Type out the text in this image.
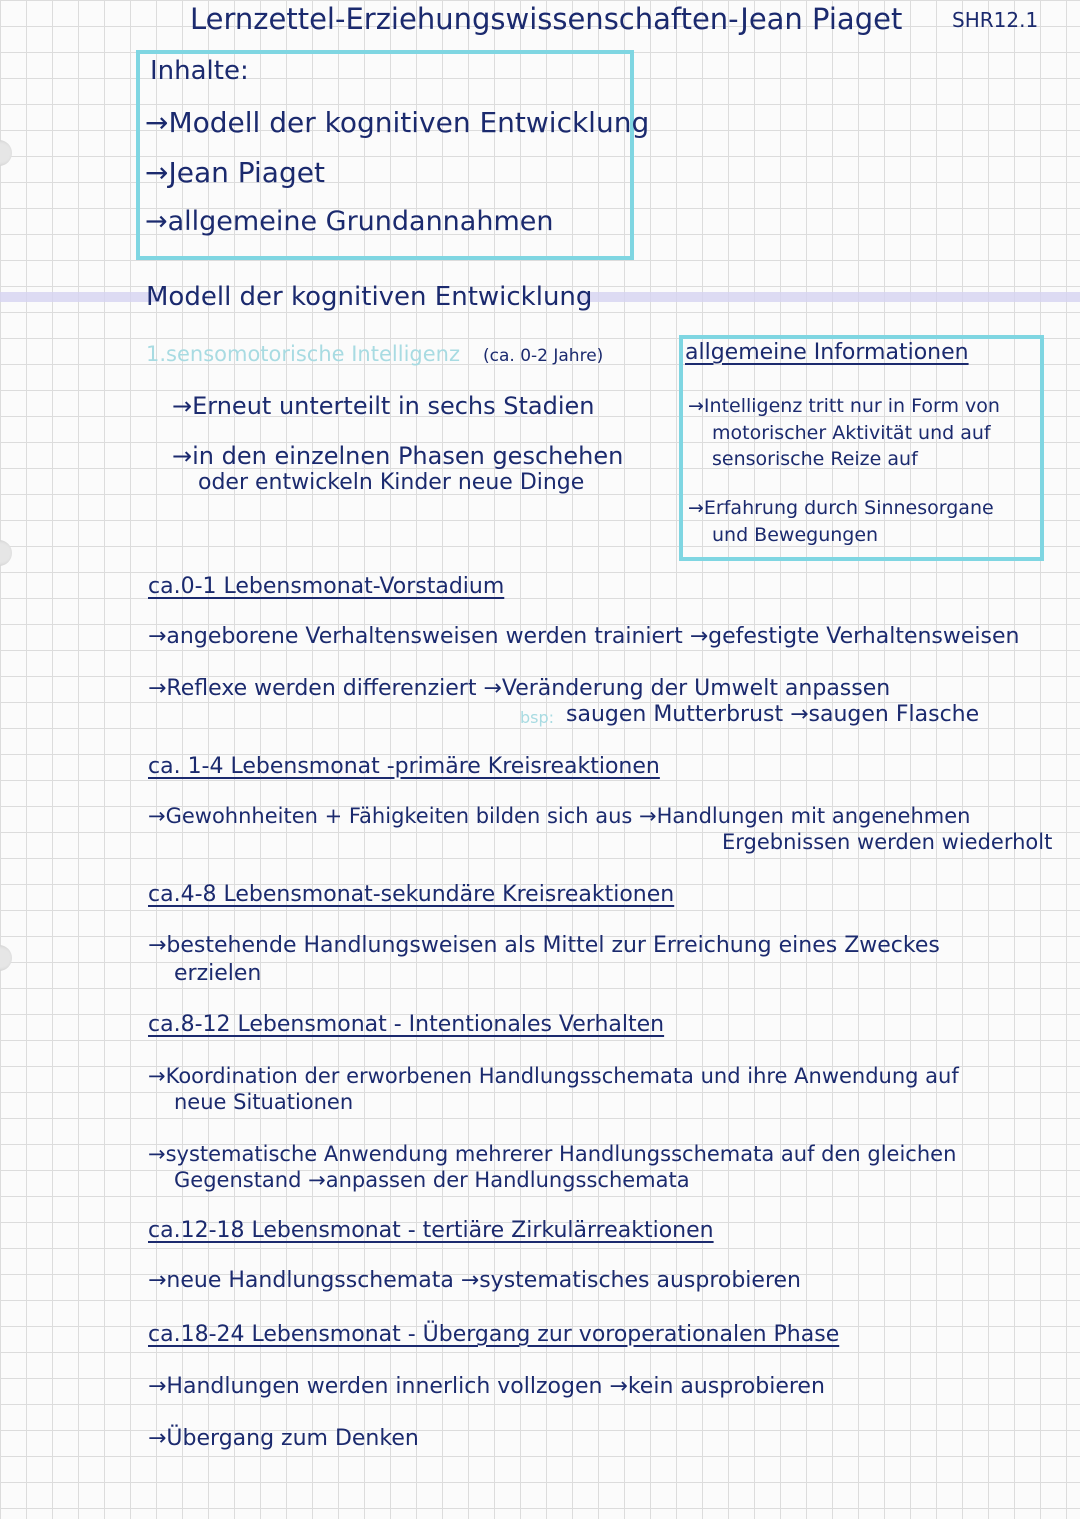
Lernzettel-Erziehungswissenschaften-Jean Piaget SHR12.1
Inhalte:
→Modell der kognitiven Entwicklung
→Jean Piaget
→allgemeine Grundannahmen
Modell der kognitiven Entwicklung
1.sensomotorische Intelligenz (ca. 0-2 Jahre)
→Erneut unterteilt in sechs Stadien
→in den einzelnen Phasen geschehen
oder entwickeln Kinder neue Dinge
allgemeine Informationen
→Intelligenz tritt nur in Form von
motorischer Aktivität und auf
sensorische Reize auf
→Erfahrung durch Sinnesorgane
und Bewegungen
ca.0-1 Lebensmonat-Vorstadium
→angeborene Verhaltensweisen werden trainiert →gefestigte Verhaltensweisen
→Reflexe werden differenziert →Veränderung der Umwelt anpassen
bsp: saugen Mutterbrust →saugen Flasche
ca. 1-4 Lebensmonat -primäre Kreisreaktionen
→Gewohnheiten + Fähigkeiten bilden sich aus →Handlungen mit angenehmen
Ergebnissen werden wiederholt
ca.4-8 Lebensmonat-sekundäre Kreisreaktionen
→bestehende Handlungsweisen als Mittel zur Erreichung eines Zweckes
erzielen
ca.8-12 Lebensmonat - Intentionales Verhalten
→Koordination der erworbenen Handlungsschemata und ihre Anwendung auf
neue Situationen
→systematische Anwendung mehrerer Handlungsschemata auf den gleichen
Gegenstand →anpassen der Handlungsschemata
ca.12-18 Lebensmonat - tertiäre Zirkulärreaktionen
→neue Handlungsschemata →systematisches ausprobieren
ca.18-24 Lebensmonat - Übergang zur voroperationalen Phase
→Handlungen werden innerlich vollzogen →kein ausprobieren
→Übergang zum Denken
